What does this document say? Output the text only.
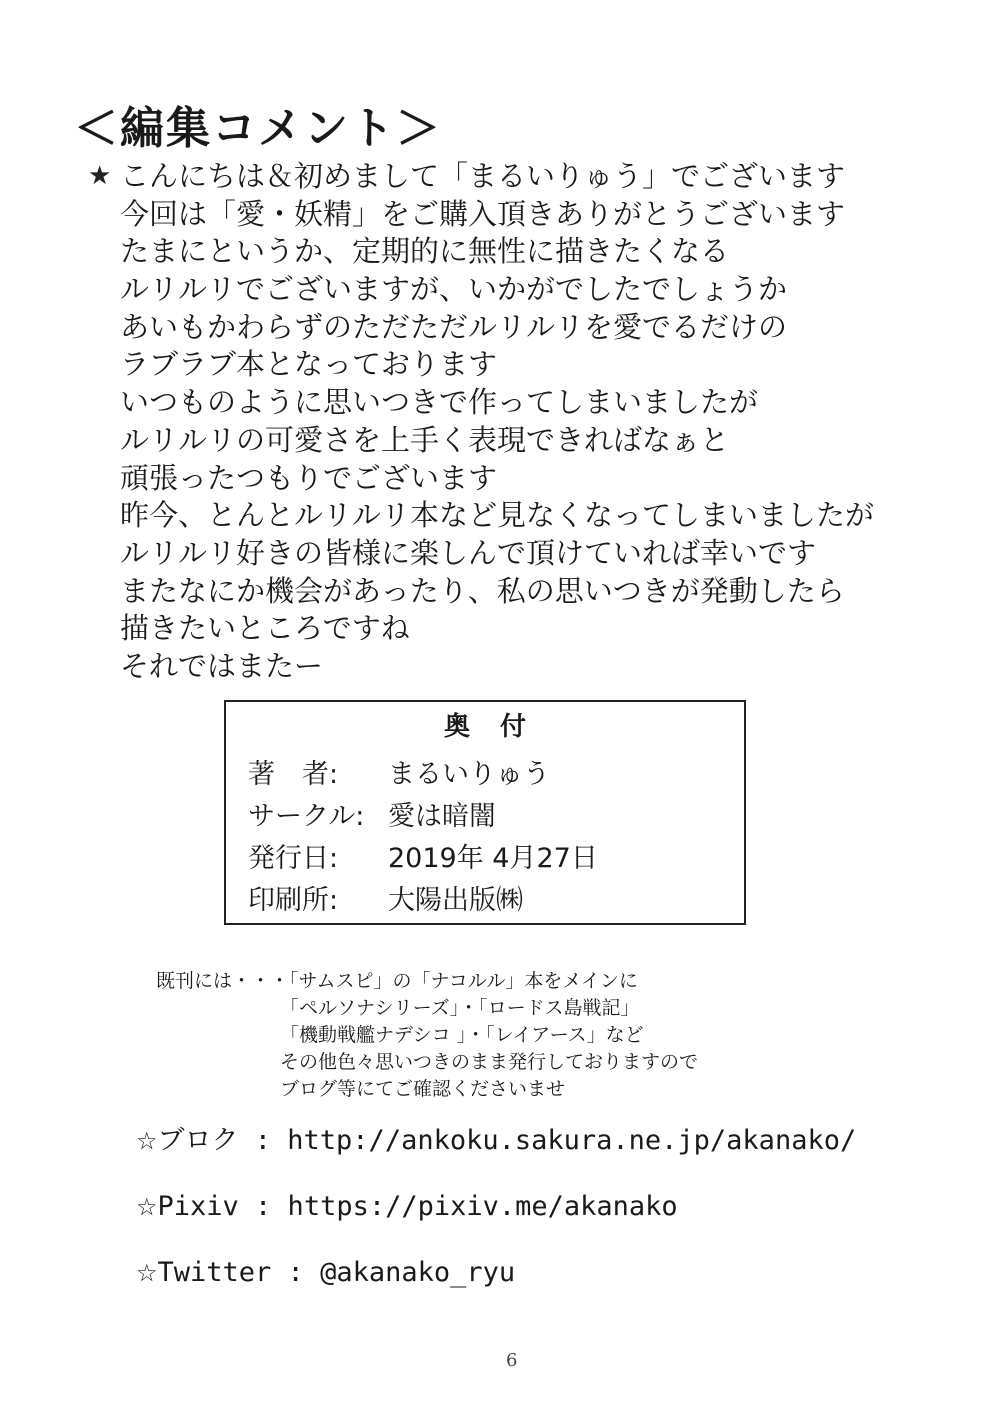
＜編集コメント＞
★ こんにちは＆初めまして「まるいりゅう」でございます
今回は「愛・妖精」をご購入頂きありがとうございます
たまにというか、定期的に無性に描きたくなる
ルリルリでございますが、いかがでしたでしょうか
あいもかわらずのただただルリルリを愛でるだけの
ラブラブ本となっております
いつものように思いつきで作ってしまいましたが
ルリルリの可愛さを上手く表現できればなぁと
頑張ったつもりでございます
昨今、とんとルリルリ本など見なくなってしまいましたが
ルリルリ好きの皆様に楽しんで頂けていれば幸いです
またなにか機会があったり、私の思いつきが発動したら
描きたいところですね
それではまたー
奥付
著　者: まるいりゅう
サークル: 愛は暗闇
発行日: 2019年 4月27日
印刷所: 大陽出版㈱
既刊には・・・「サムスピ」の「ナコルル」本をメインに
「ペルソナシリーズ」・「ロードス島戦記」
「機動戦艦ナデシコ 」・「レイアース」など
その他色々思いつきのまま発行しておりますので
ブログ等にてご確認くださいませ
☆ブロク : http://ankoku.sakura.ne.jp/akanako/
☆Pixiv : https://pixiv.me/akanako
☆Twitter : @akanako_ryu
6
